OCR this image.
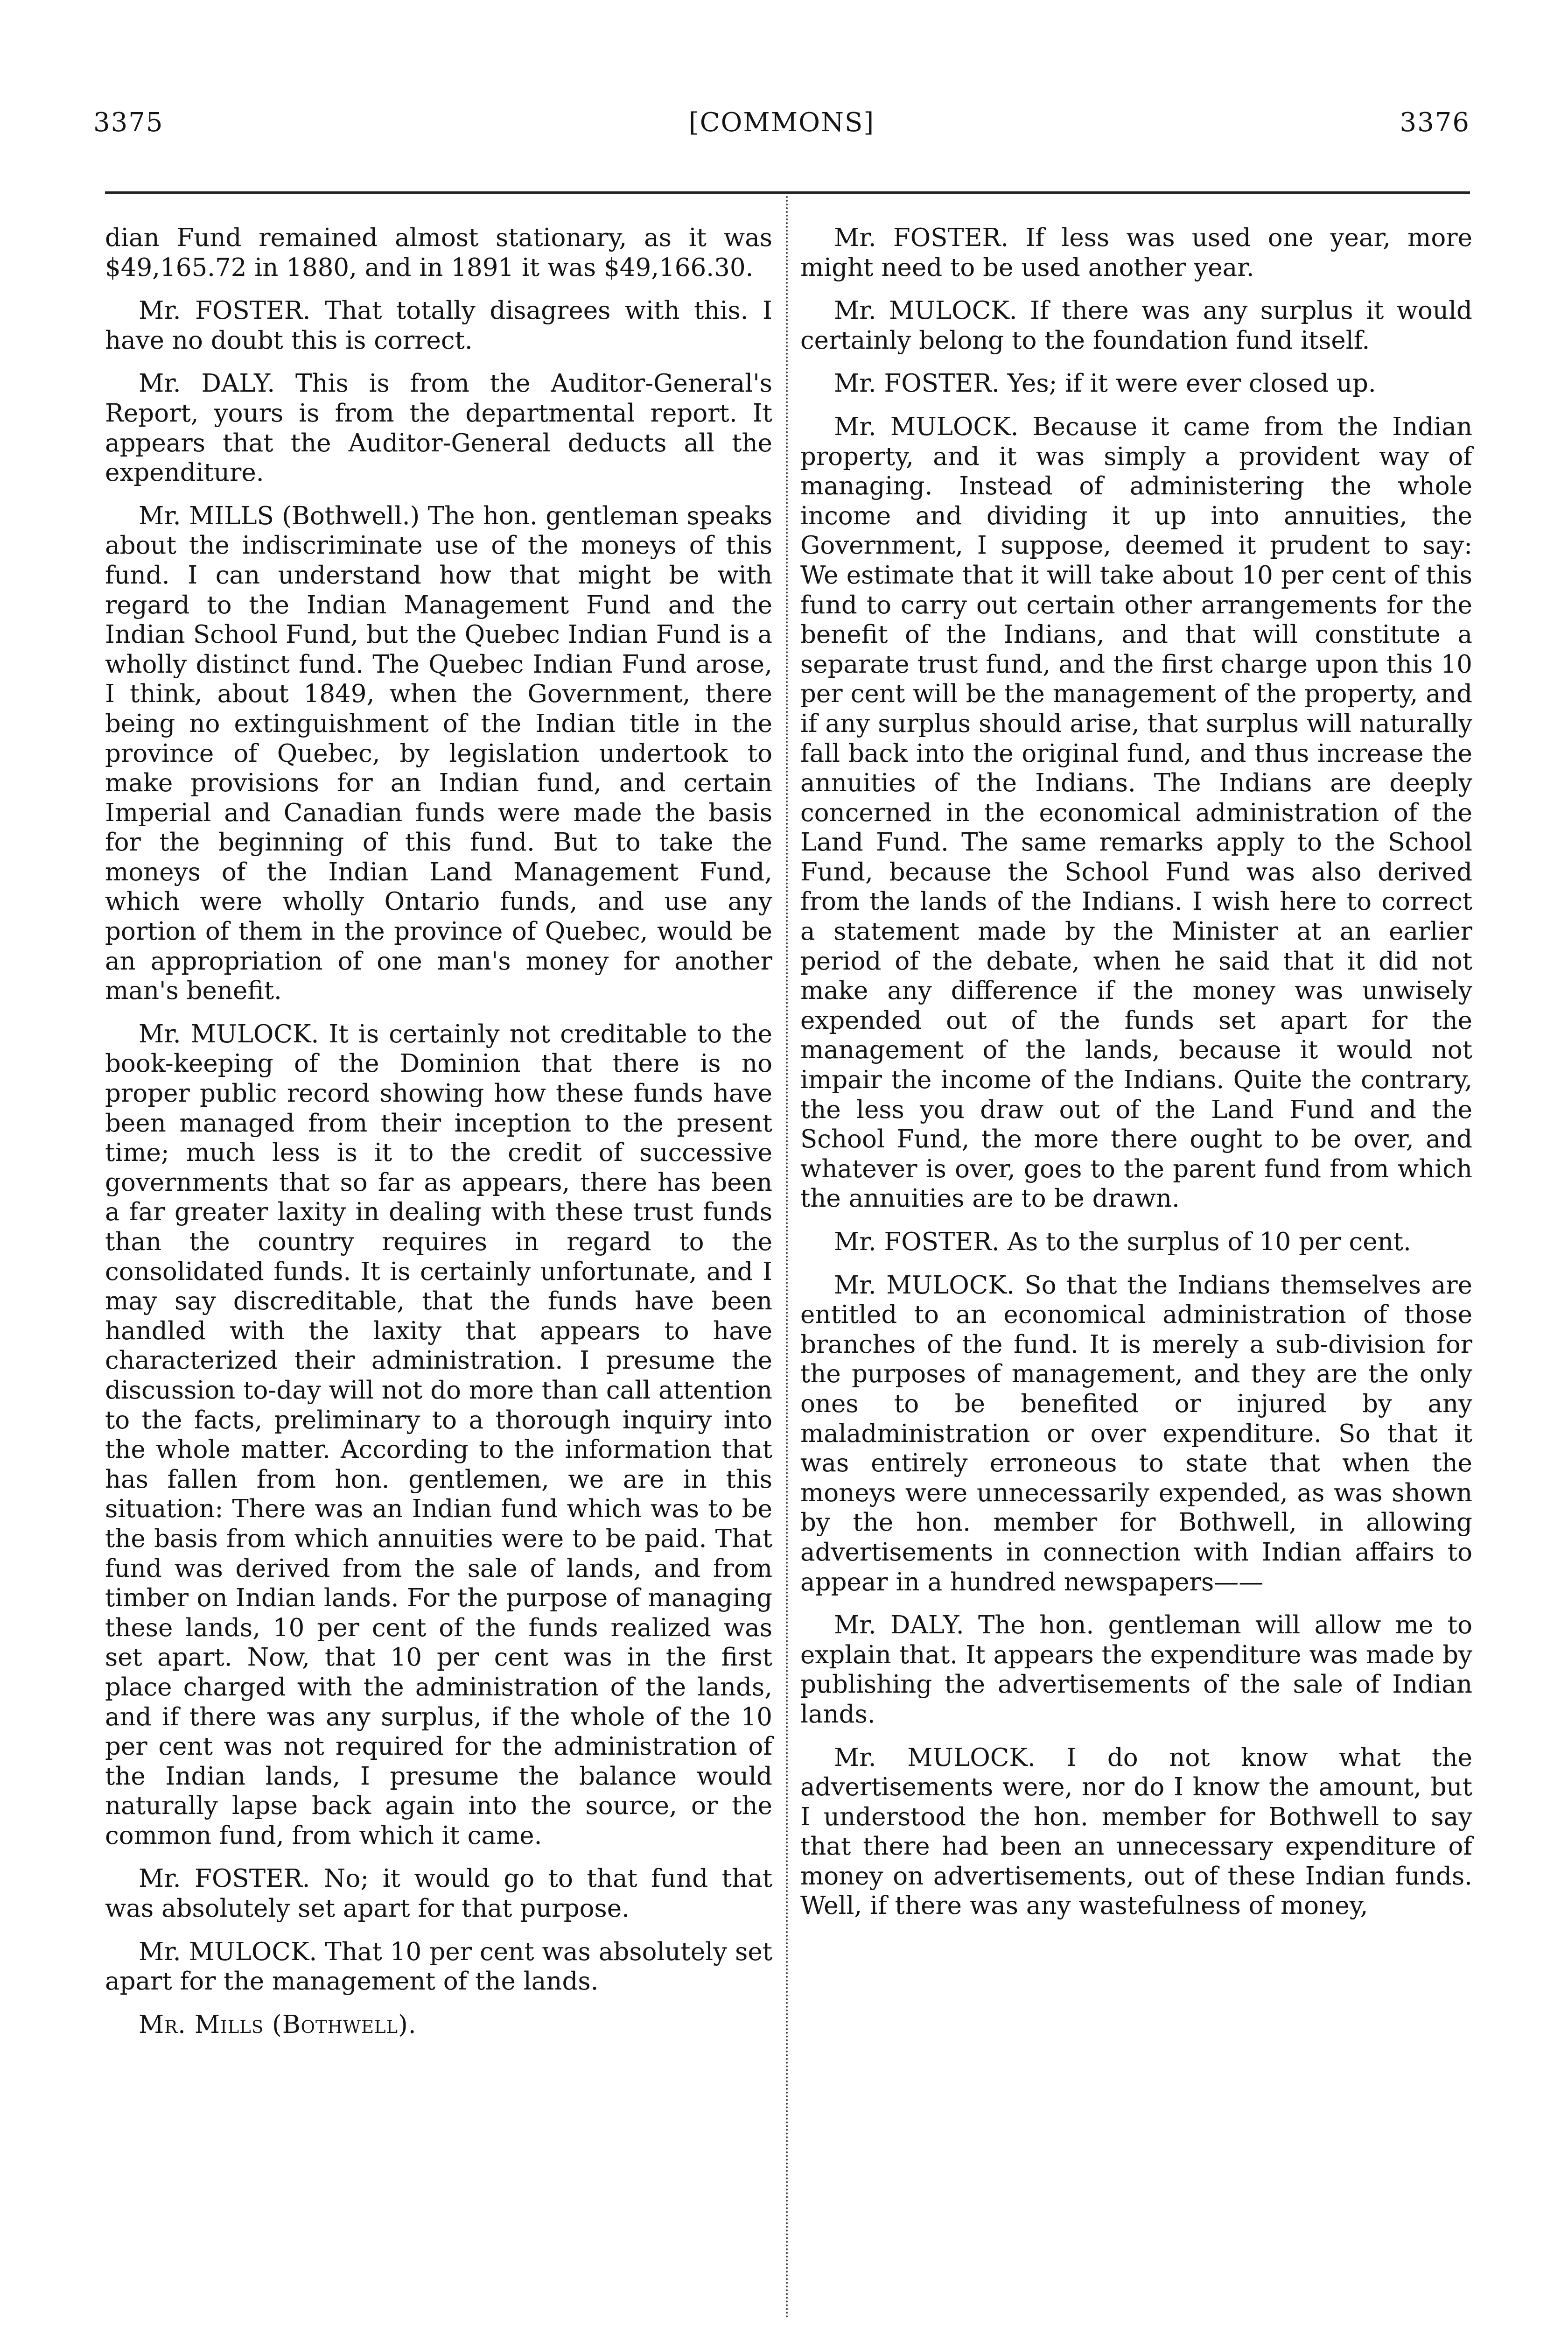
3375	[COMMONS]	3376

dian Fund remained almost stationary, as it was $49,165.72 in 1880, and in 1891 it was $49,166.30.

Mr. FOSTER. That totally disagrees with this. I have no doubt this is correct.

Mr. DALY. This is from the Auditor-General's Report, yours is from the departmental report. It appears that the Auditor-General deducts all the expenditure.

Mr. MILLS (Bothwell.) The hon. gentleman speaks about the indiscriminate use of the moneys of this fund. I can understand how that might be with regard to the Indian Management Fund and the Indian School Fund, but the Quebec Indian Fund is a wholly distinct fund. The Quebec Indian Fund arose, I think, about 1849, when the Government, there being no extinguishment of the Indian title in the province of Quebec, by legislation undertook to make provisions for an Indian fund, and certain Imperial and Canadian funds were made the basis for the beginning of this fund. But to take the moneys of the Indian Land Management Fund, which were wholly Ontario funds, and use any portion of them in the province of Quebec, would be an appropriation of one man's money for another man's benefit.

Mr. MULOCK. It is certainly not creditable to the book-keeping of the Dominion that there is no proper public record showing how these funds have been managed from their inception to the present time; much less is it to the credit of successive governments that so far as appears, there has been a far greater laxity in dealing with these trust funds than the country requires in regard to the consolidated funds. It is certainly unfortunate, and I may say discreditable, that the funds have been handled with the laxity that appears to have characterized their administration. I presume the discussion to-day will not do more than call attention to the facts, preliminary to a thorough inquiry into the whole matter. According to the information that has fallen from hon. gentlemen, we are in this situation: There was an Indian fund which was to be the basis from which annuities were to be paid. That fund was derived from the sale of lands, and from timber on Indian lands. For the purpose of managing these lands, 10 per cent of the funds realized was set apart. Now, that 10 per cent was in the first place charged with the administration of the lands, and if there was any surplus, if the whole of the 10 per cent was not required for the administration of the Indian lands, I presume the balance would naturally lapse back again into the source, or the common fund, from which it came.

Mr. FOSTER. No; it would go to that fund that was absolutely set apart for that purpose.

Mr. MULOCK. That 10 per cent was absolutely set apart for the management of the lands.

Mr. Mills (Bothwell).

Mr. FOSTER. If less was used one year, more might need to be used another year.

Mr. MULOCK. If there was any surplus it would certainly belong to the foundation fund itself.

Mr. FOSTER. Yes; if it were ever closed up.

Mr. MULOCK. Because it came from the Indian property, and it was simply a provident way of managing. Instead of administering the whole income and dividing it up into annuities, the Government, I suppose, deemed it prudent to say: We estimate that it will take about 10 per cent of this fund to carry out certain other arrangements for the benefit of the Indians, and that will constitute a separate trust fund, and the first charge upon this 10 per cent will be the management of the property, and if any surplus should arise, that surplus will naturally fall back into the original fund, and thus increase the annuities of the Indians. The Indians are deeply concerned in the economical administration of the Land Fund. The same remarks apply to the School Fund, because the School Fund was also derived from the lands of the Indians. I wish here to correct a statement made by the Minister at an earlier period of the debate, when he said that it did not make any difference if the money was unwisely expended out of the funds set apart for the management of the lands, because it would not impair the income of the Indians. Quite the contrary, the less you draw out of the Land Fund and the School Fund, the more there ought to be over, and whatever is over, goes to the parent fund from which the annuities are to be drawn.

Mr. FOSTER. As to the surplus of 10 per cent.

Mr. MULOCK. So that the Indians themselves are entitled to an economical administration of those branches of the fund. It is merely a sub-division for the purposes of management, and they are the only ones to be benefited or injured by any maladministration or over expenditure. So that it was entirely erroneous to state that when the moneys were unnecessarily expended, as was shown by the hon. member for Bothwell, in allowing advertisements in connection with Indian affairs to appear in a hundred newspapers——

Mr. DALY. The hon. gentleman will allow me to explain that. It appears the expenditure was made by publishing the advertisements of the sale of Indian lands.

Mr. MULOCK. I do not know what the advertisements were, nor do I know the amount, but I understood the hon. member for Bothwell to say that there had been an unnecessary expenditure of money on advertisements, out of these Indian funds. Well, if there was any wastefulness of money,
